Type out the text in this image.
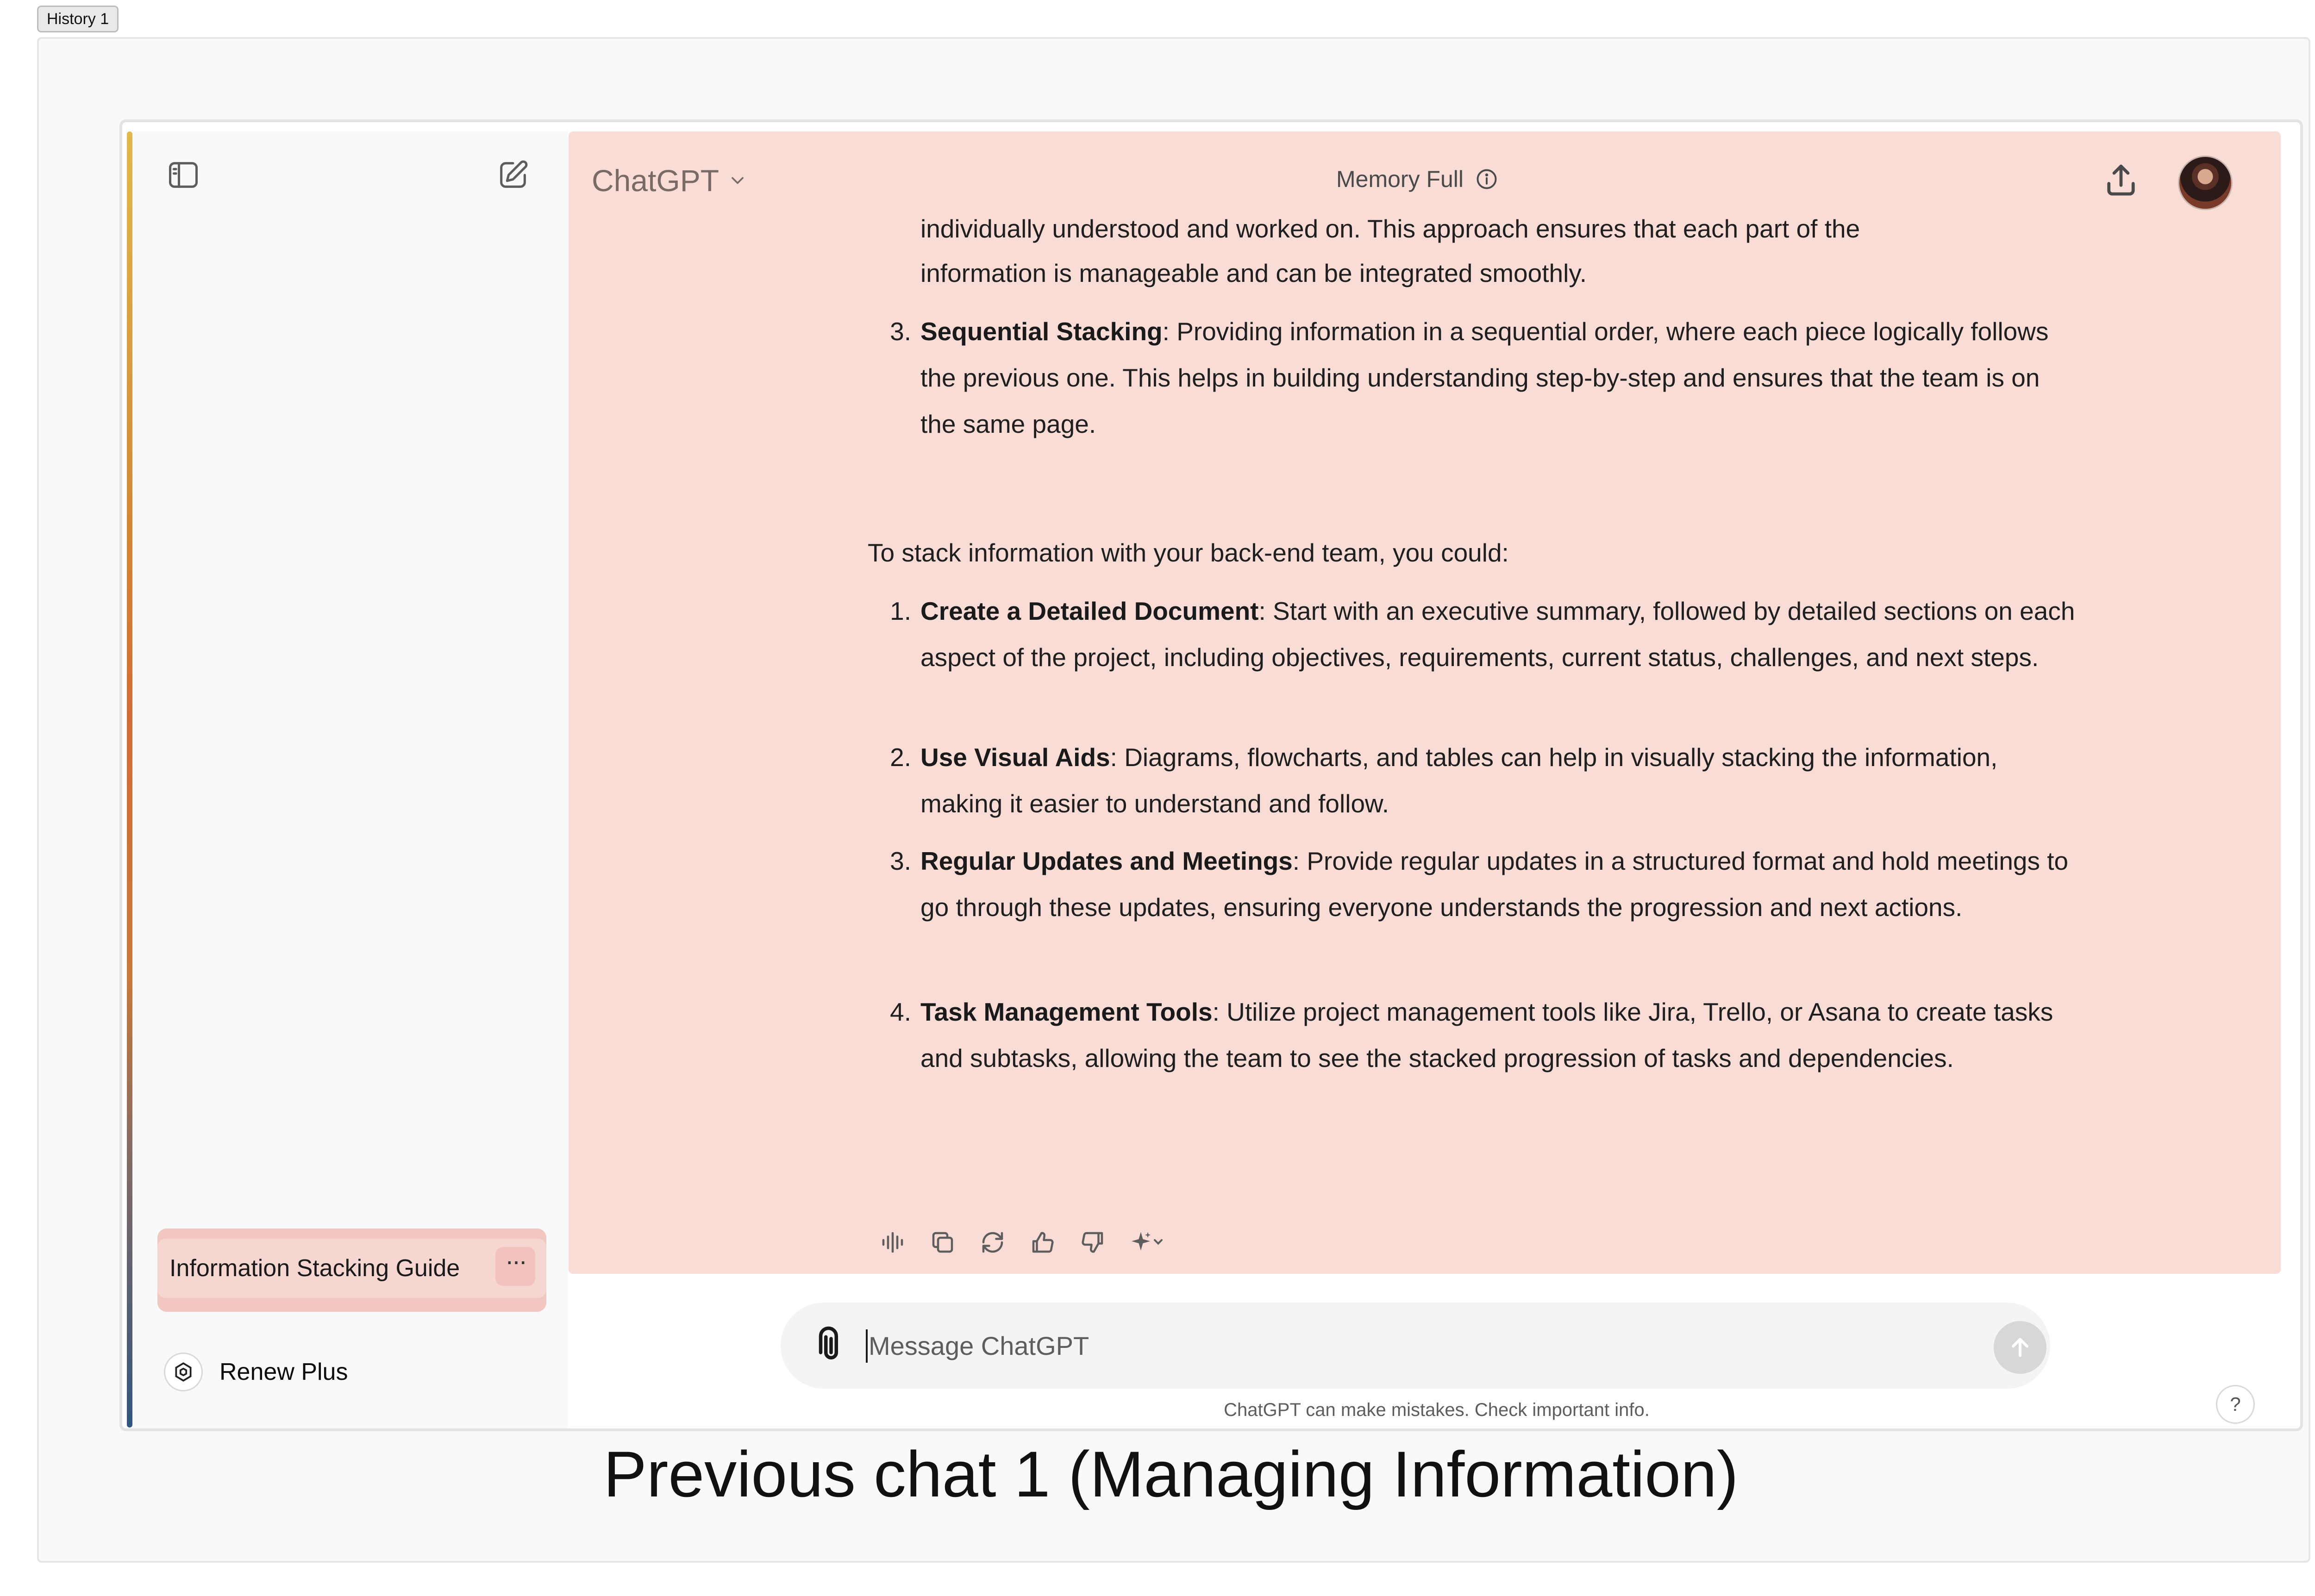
History 1
Information Stacking Guide	···
Renew Plus
ChatGPT	Memory Full
individually understood and worked on. This approach ensures that each part of the
information is manageable and can be integrated smoothly.
3. Sequential Stacking: Providing information in a sequential order, where each piece logically follows the previous one. This helps in building understanding step-by-step and ensures that the team is on the same page.
To stack information with your back-end team, you could:
1. Create a Detailed Document: Start with an executive summary, followed by detailed sections on each aspect of the project, including objectives, requirements, current status, challenges, and next steps.
2. Use Visual Aids: Diagrams, flowcharts, and tables can help in visually stacking the information, making it easier to understand and follow.
3. Regular Updates and Meetings: Provide regular updates in a structured format and hold meetings to go through these updates, ensuring everyone understands the progression and next actions.
4. Task Management Tools: Utilize project management tools like Jira, Trello, or Asana to create tasks and subtasks, allowing the team to see the stacked progression of tasks and dependencies.
Message ChatGPT
ChatGPT can make mistakes. Check important info.	?
Previous chat 1 (Managing Information)
